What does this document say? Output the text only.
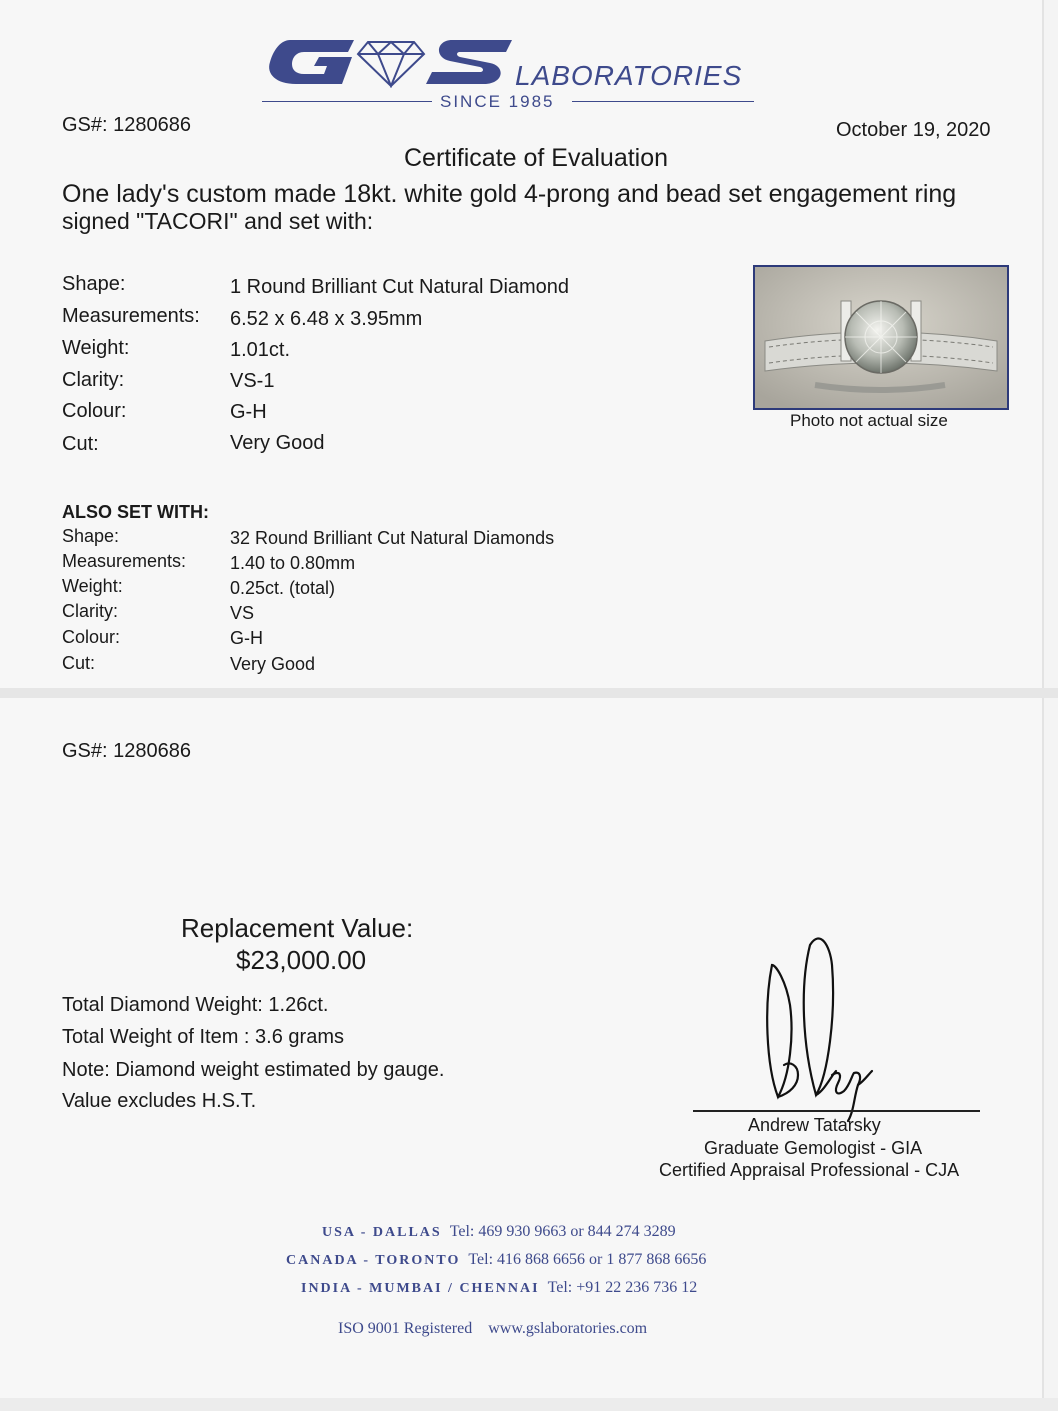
LABORATORIES
SINCE 1985
GS#: 1280686	October 19, 2020
Certificate of Evaluation
One lady's custom made 18kt. white gold 4-prong and bead set engagement ring
signed "TACORI" and set with:
Shape:	1 Round Brilliant Cut Natural Diamond
Measurements: 6.52 x 6.48 x 3.95mm
Weight:	1.01ct.
Clarity:	VS-1
Colour:	G-H
Cut:	Very Good
Photo not actual size
ALSO SET WITH:
Shape:	32 Round Brilliant Cut Natural Diamonds
Measurements: 1.40 to 0.80mm
Weight:	0.25ct. (total)
Clarity:	VS
Colour:	G-H
Cut:	Very Good
GS#: 1280686
Replacement Value:
$23,000.00
Total Diamond Weight: 1.26ct.
Total Weight of Item : 3.6 grams
Note: Diamond weight estimated by gauge.
Value excludes H.S.T.
Andrew Tatarsky
Graduate Gemologist - GIA
Certified Appraisal Professional - CJA
USA - DALLAS Tel: 469 930 9663 or 844 274 3289
CANADA - TORONTO Tel: 416 868 6656 or 1 877 868 6656
INDIA - MUMBAI / CHENNAI Tel: +91 22 236 736 12
ISO 9001 Registered www.gslaboratories.com
